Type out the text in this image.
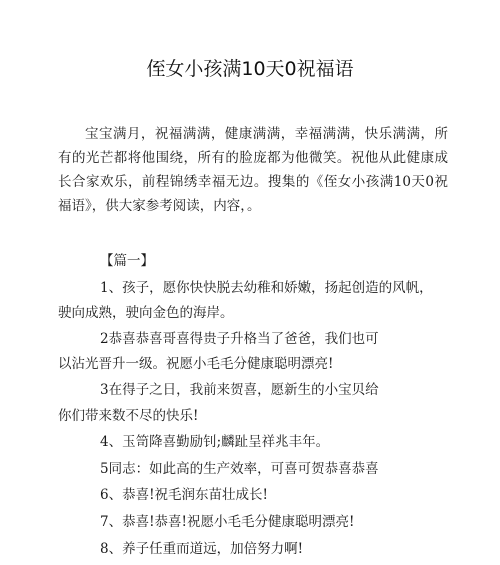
侄女小孩满10天0祝福语

宝宝满月，祝福满满，健康满满，幸福满满，快乐满满，所有的光芒都将他围绕，所有的脸庞都为他微笑。祝他从此健康成长合家欢乐，前程锦绣幸福无边。搜集的《侄女小孩满10天0祝福语》，供大家参考阅读，内容，。

【篇一】
1、孩子，愿你快快脱去幼稚和娇嫩，扬起创造的风帆，
驶向成熟，驶向金色的海岸。
2恭喜恭喜哥喜得贵子升格当了爸爸，我们也可
以沾光晋升一级。祝愿小毛毛分健康聪明漂亮!
3在得子之日，我前来贺喜，愿新生的小宝贝给
你们带来数不尽的快乐!
4、玉笥降喜勤励钊;麟趾呈祥兆丰年。
5同志：如此高的生产效率，可喜可贺恭喜恭喜
6、恭喜!祝毛润东苗壮成长!
7、恭喜!恭喜!祝愿小毛毛分健康聪明漂亮!
8、养子任重而道远，加倍努力啊!
